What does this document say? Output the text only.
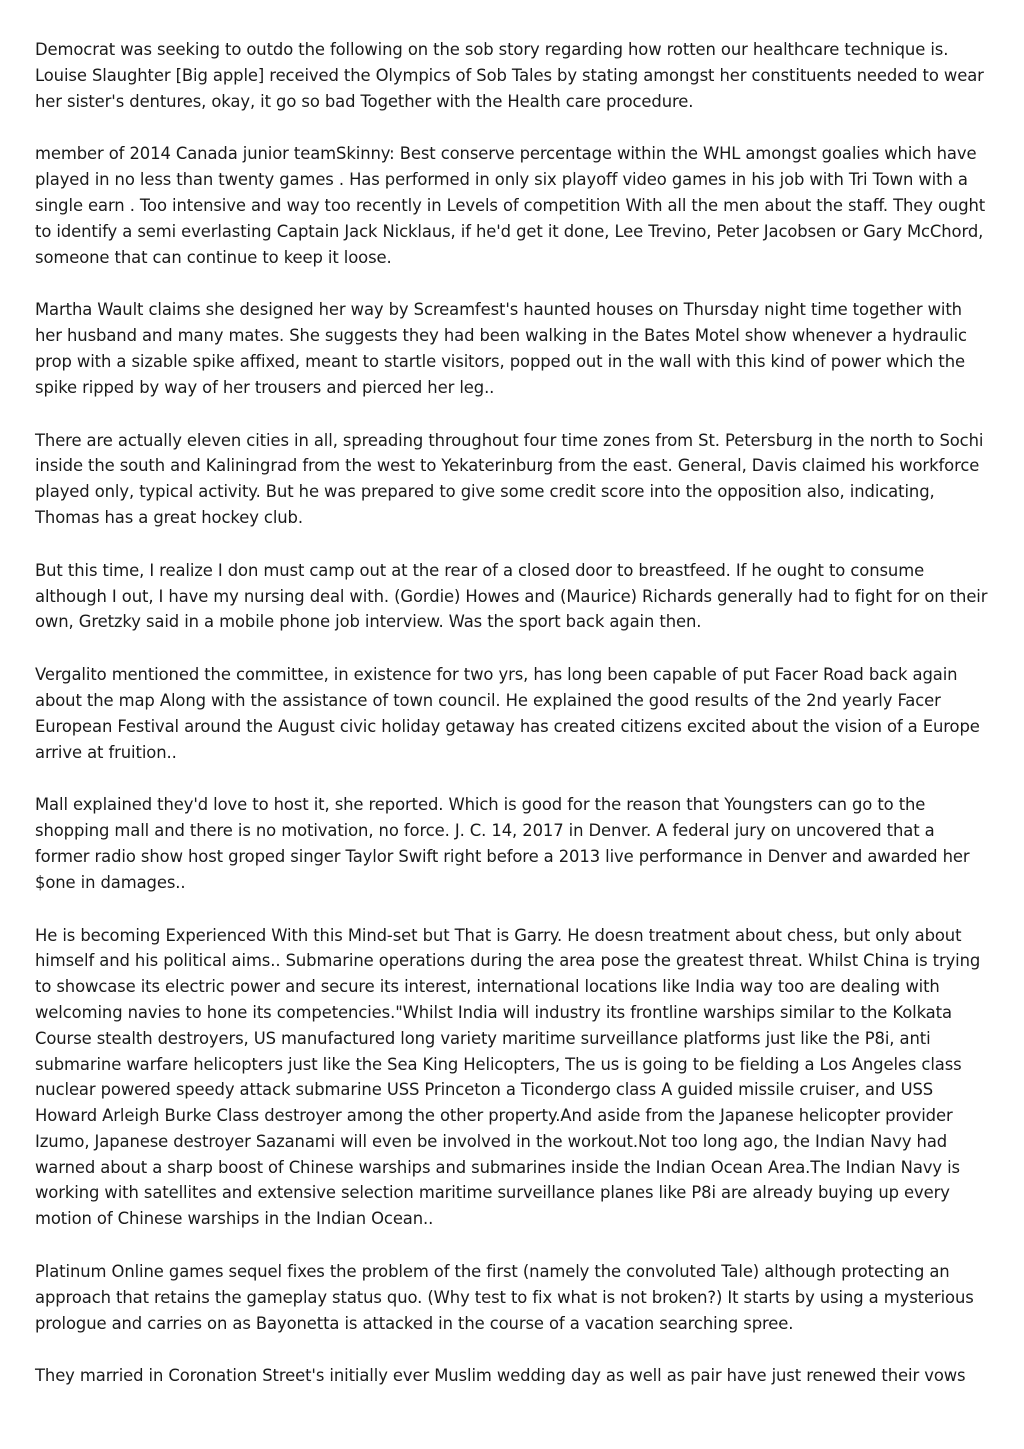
Democrat was seeking to outdo the following on the sob story regarding how rotten our healthcare technique is. Louise Slaughter [Big apple] received the Olympics of Sob Tales by stating amongst her constituents needed to wear her sister's dentures, okay, it go so bad Together with the Health care procedure.

member of 2014 Canada junior teamSkinny: Best conserve percentage within the WHL amongst goalies which have played in no less than twenty games . Has performed in only six playoff video games in his job with Tri Town with a single earn . Too intensive and way too recently in Levels of competition With all the men about the staff. They ought to identify a semi everlasting Captain Jack Nicklaus, if he'd get it done, Lee Trevino, Peter Jacobsen or Gary McChord, someone that can continue to keep it loose.

Martha Wault claims she designed her way by Screamfest's haunted houses on Thursday night time together with her husband and many mates. She suggests they had been walking in the Bates Motel show whenever a hydraulic prop with a sizable spike affixed, meant to startle visitors, popped out in the wall with this kind of power which the spike ripped by way of her trousers and pierced her leg..

There are actually eleven cities in all, spreading throughout four time zones from St. Petersburg in the north to Sochi inside the south and Kaliningrad from the west to Yekaterinburg from the east. General, Davis claimed his workforce played only, typical activity. But he was prepared to give some credit score into the opposition also, indicating, Thomas has a great hockey club.

But this time, I realize I don must camp out at the rear of a closed door to breastfeed. If he ought to consume although I out, I have my nursing deal with. (Gordie) Howes and (Maurice) Richards generally had to fight for on their own, Gretzky said in a mobile phone job interview. Was the sport back again then.

Vergalito mentioned the committee, in existence for two yrs, has long been capable of put Facer Road back again about the map Along with the assistance of town council. He explained the good results of the 2nd yearly Facer European Festival around the August civic holiday getaway has created citizens excited about the vision of a Europe arrive at fruition..

Mall explained they'd love to host it, she reported. Which is good for the reason that Youngsters can go to the shopping mall and there is no motivation, no force. J. C. 14, 2017 in Denver. A federal jury on uncovered that a former radio show host groped singer Taylor Swift right before a 2013 live performance in Denver and awarded her $one in damages..

He is becoming Experienced With this Mind-set but That is Garry. He doesn treatment about chess, but only about himself and his political aims.. Submarine operations during the area pose the greatest threat. Whilst China is trying to showcase its electric power and secure its interest, international locations like India way too are dealing with welcoming navies to hone its competencies."Whilst India will industry its frontline warships similar to the Kolkata Course stealth destroyers, US manufactured long variety maritime surveillance platforms just like the P8i, anti submarine warfare helicopters just like the Sea King Helicopters, The us is going to be fielding a Los Angeles class nuclear powered speedy attack submarine USS Princeton a Ticondergo class A guided missile cruiser, and USS Howard Arleigh Burke Class destroyer among the other property.And aside from the Japanese helicopter provider Izumo, Japanese destroyer Sazanami will even be involved in the workout.Not too long ago, the Indian Navy had warned about a sharp boost of Chinese warships and submarines inside the Indian Ocean Area.The Indian Navy is working with satellites and extensive selection maritime surveillance planes like P8i are already buying up every motion of Chinese warships in the Indian Ocean..

Platinum Online games sequel fixes the problem of the first (namely the convoluted Tale) although protecting an approach that retains the gameplay status quo. (Why test to fix what is not broken?) It starts by using a mysterious prologue and carries on as Bayonetta is attacked in the course of a vacation searching spree.

They married in Coronation Street's initially ever Muslim wedding day as well as pair have just renewed their vows
